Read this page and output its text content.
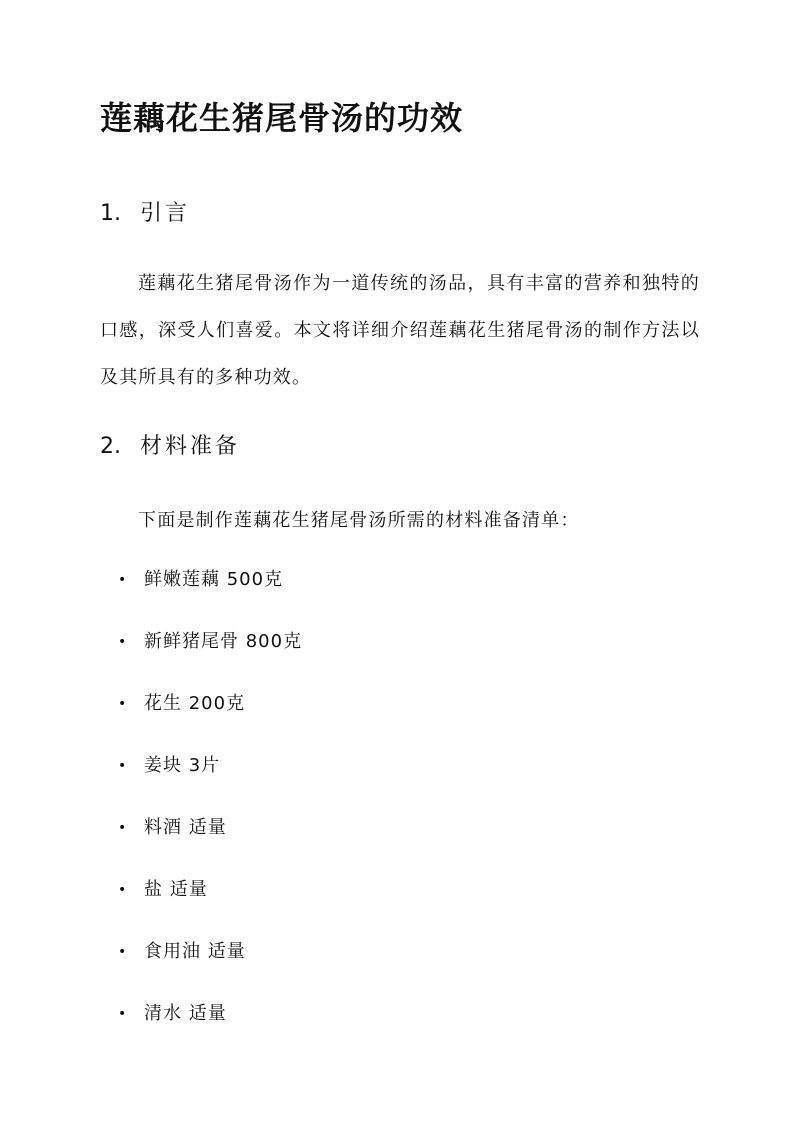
莲藕花生猪尾骨汤的功效
1. 引言

莲藕花生猪尾骨汤作为一道传统的汤品，具有丰富的营养和独特的口感，深受人们喜爱。本文将详细介绍莲藕花生猪尾骨汤的制作方法以及其所具有的多种功效。

2. 材料准备

下面是制作莲藕花生猪尾骨汤所需的材料准备清单：

• 鲜嫩莲藕 500克
• 新鲜猪尾骨 800克
• 花生 200克
• 姜块 3片
• 料酒 适量
• 盐 适量
• 食用油 适量
• 清水 适量
